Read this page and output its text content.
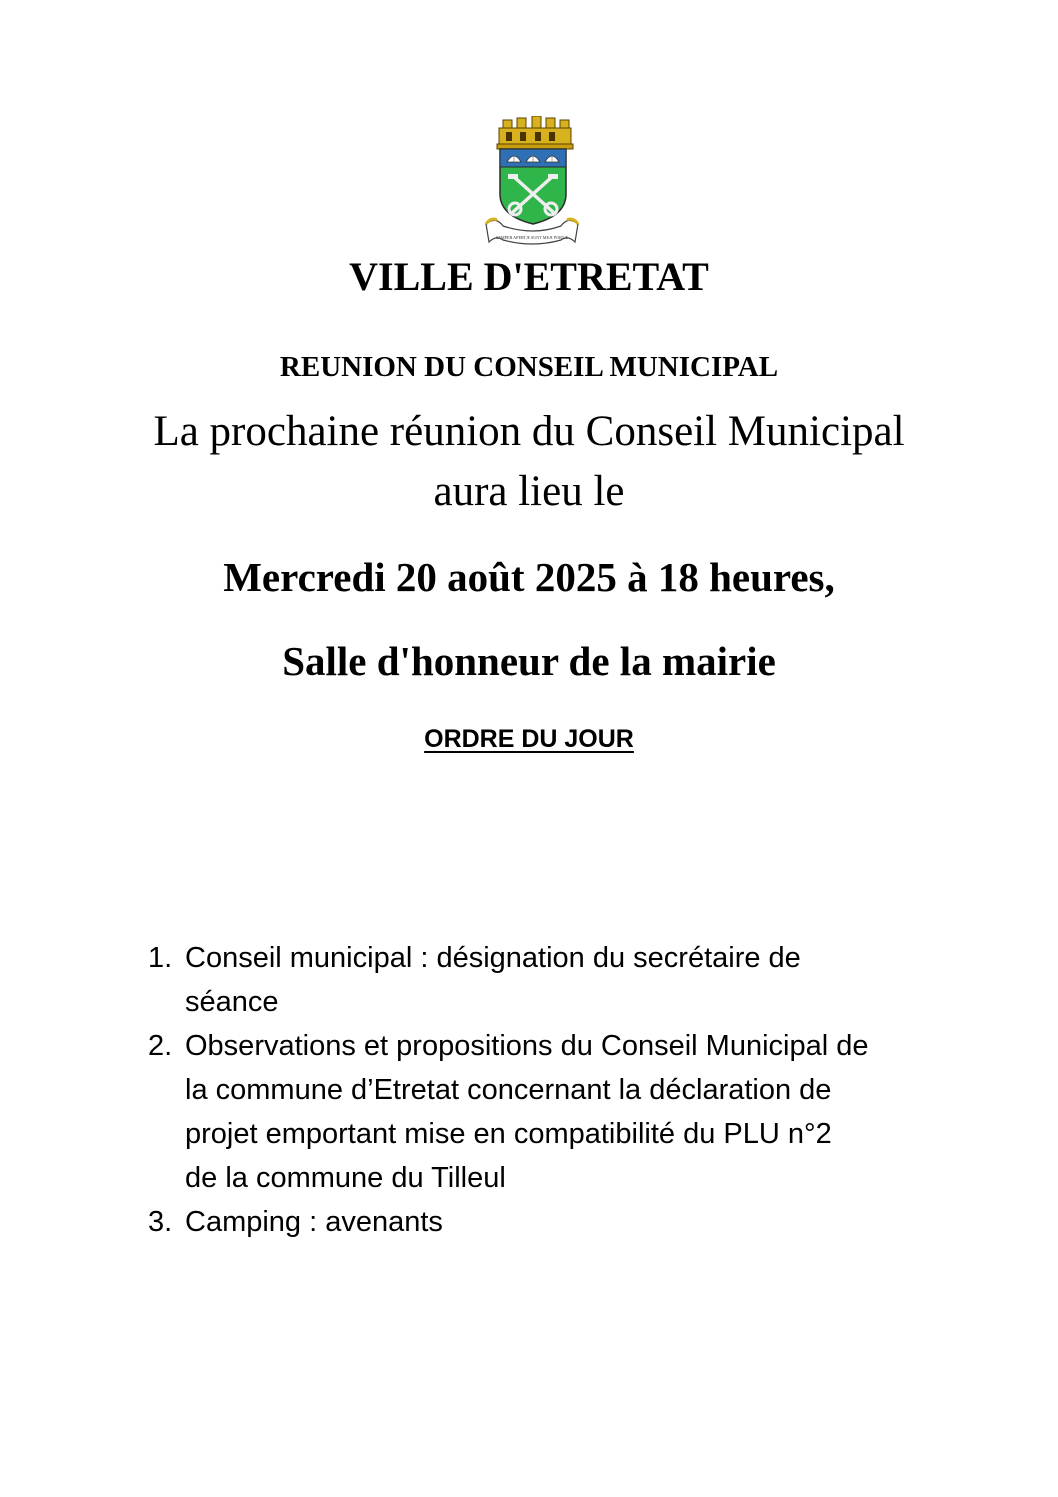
SEMPER APERTÆ SUNT MEÆ PORTÆ
VILLE D'ETRETAT
REUNION DU CONSEIL MUNICIPAL
La prochaine réunion du Conseil Municipal
aura lieu le
Mercredi 20 août 2025 à 18 heures,
Salle d'honneur de la mairie
ORDRE DU JOUR
1. Conseil municipal : désignation du secrétaire de
séance
2. Observations et propositions du Conseil Municipal de
la commune d’Etretat concernant la déclaration de
projet emportant mise en compatibilité du PLU n°2
de la commune du Tilleul
3. Camping : avenants
